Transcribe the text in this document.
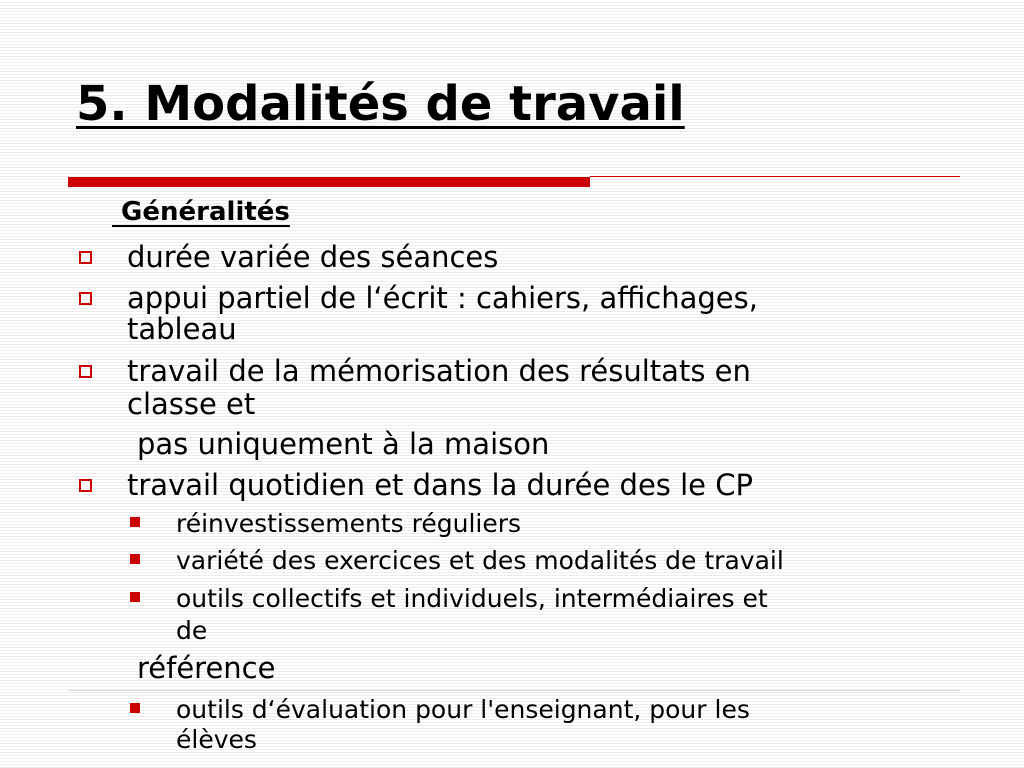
5. Modalités de travail
Généralités
durée variée des séances
appui partiel de l‘écrit : cahiers, affichages,
tableau
travail de la mémorisation des résultats en
classe et
pas uniquement à la maison
travail quotidien et dans la durée des le CP
réinvestissements réguliers
variété des exercices et des modalités de travail
outils collectifs et individuels, intermédiaires et
de
référence
outils d‘évaluation pour l'enseignant, pour les
élèves
